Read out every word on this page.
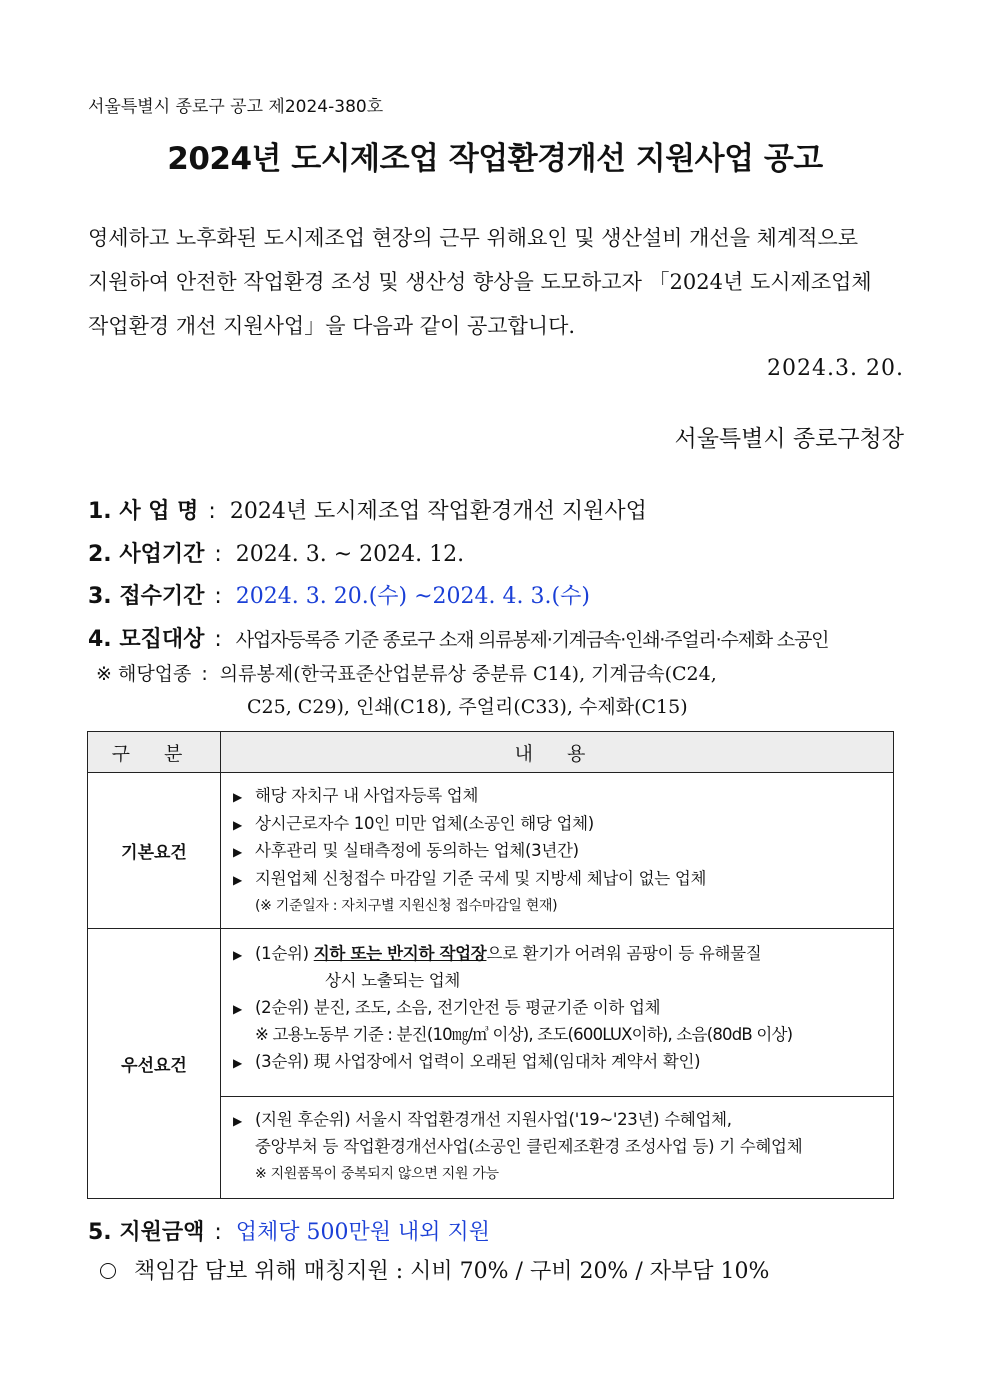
서울특별시 종로구 공고 제2024-380호
2024년 도시제조업 작업환경개선 지원사업 공고
영세하고 노후화된 도시제조업 현장의 근무 위해요인 및 생산설비 개선을 체계적으로
지원하여 안전한 작업환경 조성 및 생산성 향상을 도모하고자 「2024년 도시제조업체
작업환경 개선 지원사업」을 다음과 같이 공고합니다.
2024.3. 20.
서울특별시 종로구청장
1. 사 업 명 : 2024년 도시제조업 작업환경개선 지원사업
2. 사업기간 : 2024. 3. ~ 2024. 12.
3. 접수기간 : 2024. 3. 20.(수) ~2024. 4. 3.(수)
4. 모집대상 : 사업자등록증 기준 종로구 소재 의류봉제·기계금속·인쇄·주얼리·수제화 소공인
※ 해당업종 : 의류봉제(한국표준산업분류상 중분류 C14), 기계금속(C24,
C25, C29), 인쇄(C18), 주얼리(C33), 수제화(C15)
구 분	내 용
기본요건	▶ 해당 자치구 내 사업자등록 업체
▶ 상시근로자수 10인 미만 업체(소공인 해당 업체)
▶ 사후관리 및 실태측정에 동의하는 업체(3년간)
▶ 지원업체 신청접수 마감일 기준 국세 및 지방세 체납이 없는 업체
(※ 기준일자 : 자치구별 지원신청 접수마감일 현재)

우선요건	▶ (1순위) 지하 또는 반지하 작업장으로 환기가 어려워 곰팡이 등 유해물질
상시 노출되는 업체
▶ (2순위) 분진, 조도, 소음, 전기안전 등 평균기준 이하 업체
※ 고용노동부 기준 : 분진(10㎎/㎥ 이상), 조도(600LUX이하), 소음(80dB 이상)
▶ (3순위) 現 사업장에서 업력이 오래된 업체(임대차 계약서 확인)

	▶ (지원 후순위) 서울시 작업환경개선 지원사업('19~'23년) 수혜업체,
중앙부처 등 작업환경개선사업(소공인 클린제조환경 조성사업 등) 기 수혜업체
※ 지원품목이 중복되지 않으면 지원 가능
5. 지원금액 : 업체당 500만원 내외 지원
책임감 담보 위해 매칭지원 : 시비 70% / 구비 20% / 자부담 10%
